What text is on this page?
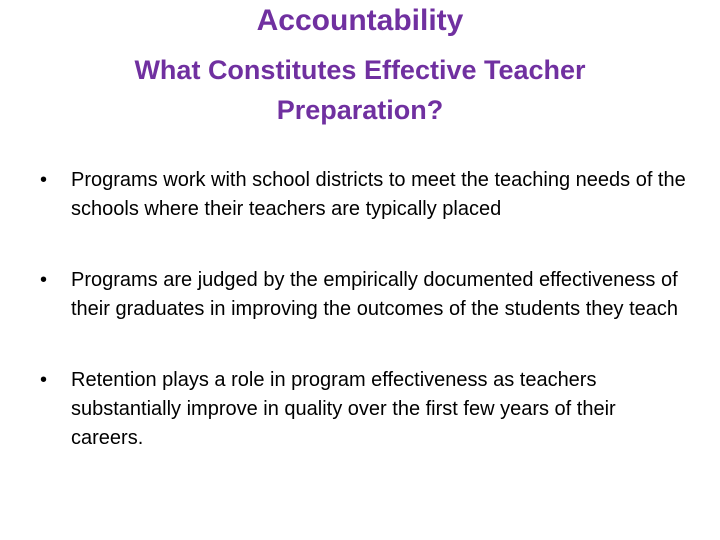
Accountability
What Constitutes Effective Teacher
Preparation?
•	Programs work with school districts to meet the teaching needs of the schools where their teachers are typically placed
•	Programs are judged by the empirically documented effectiveness of their graduates in improving the outcomes of the students they teach
•	Retention plays a role in program effectiveness as teachers substantially improve in quality over the first few years of their careers.
